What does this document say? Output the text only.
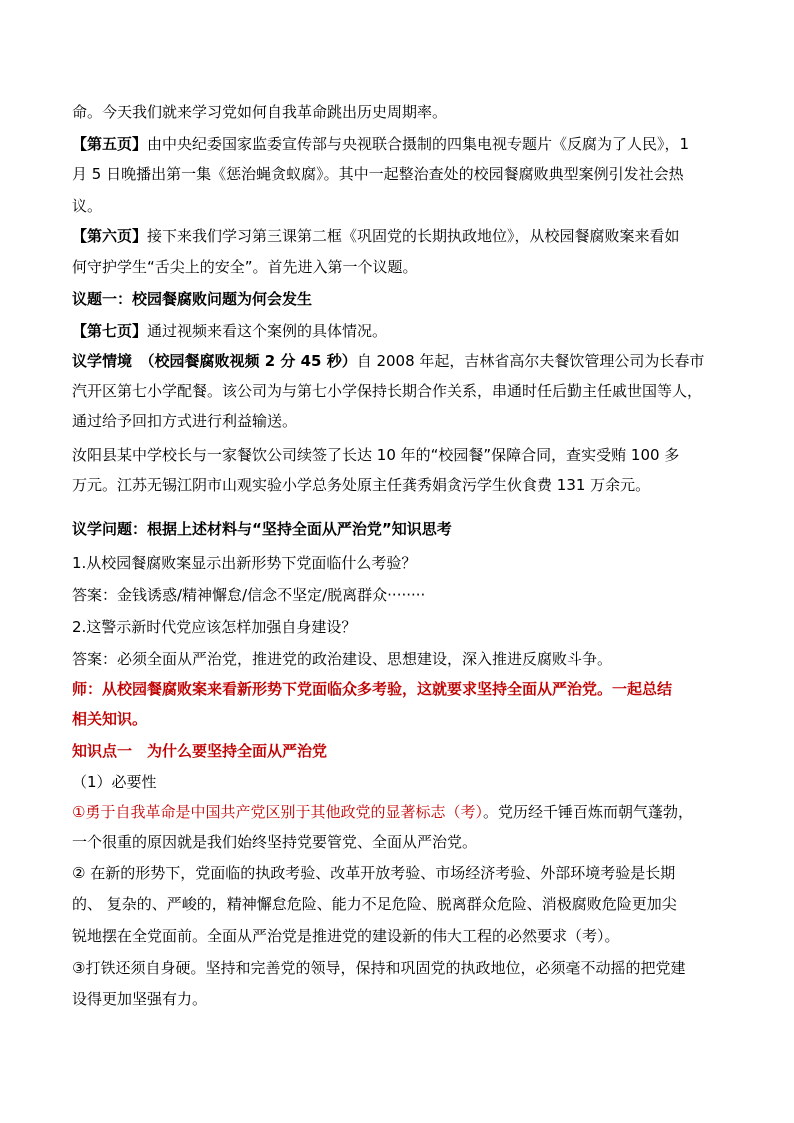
命。今天我们就来学习党如何自我革命跳出历史周期率。
【第五页】由中央纪委国家监委宣传部与央视联合摄制的四集电视专题片《反腐为了人民》，1
月 5 日晚播出第一集《惩治蝇贪蚁腐》。其中一起整治查处的校园餐腐败典型案例引发社会热
议。
【第六页】接下来我们学习第三课第二框《巩固党的长期执政地位》，从校园餐腐败案来看如
何守护学生“舌尖上的安全”。首先进入第一个议题。
议题一：校园餐腐败问题为何会发生
【第七页】通过视频来看这个案例的具体情况。
议学情境　（校园餐腐败视频 2 分 45 秒）自 2008 年起，吉林省高尔夫餐饮管理公司为长春市
汽开区第七小学配餐。该公司为与第七小学保持长期合作关系，串通时任后勤主任戚世国等人，
通过给予回扣方式进行利益输送。
汝阳县某中学校长与一家餐饮公司续签了长达 10 年的“校园餐”保障合同，查实受贿 100 多
万元。江苏无锡江阴市山观实验小学总务处原主任龚秀娟贪污学生伙食费 131 万余元。
议学问题：根据上述材料与“坚持全面从严治党”知识思考
1.从校园餐腐败案显示出新形势下党面临什么考验？
答案：金钱诱惑/精神懈怠/信念不坚定/脱离群众········
2.这警示新时代党应该怎样加强自身建设？
答案：必须全面从严治党，推进党的政治建设、思想建设，深入推进反腐败斗争。
师：从校园餐腐败案来看新形势下党面临众多考验，这就要求坚持全面从严治党。一起总结
相关知识。
知识点一　为什么要坚持全面从严治党
（1）必要性
①勇于自我革命是中国共产党区别于其他政党的显著标志（考）。党历经千锤百炼而朝气蓬勃，
一个很重的原因就是我们始终坚持党要管党、全面从严治党。
② 在新的形势下，党面临的执政考验、改革开放考验、市场经济考验、外部环境考验是长期
的、 复杂的、严峻的，精神懈怠危险、能力不足危险、脱离群众危险、消极腐败危险更加尖
锐地摆在全党面前。全面从严治党是推进党的建设新的伟大工程的必然要求（考）。
③打铁还须自身硬。坚持和完善党的领导，保持和巩固党的执政地位，必须毫不动摇的把党建
设得更加坚强有力。
